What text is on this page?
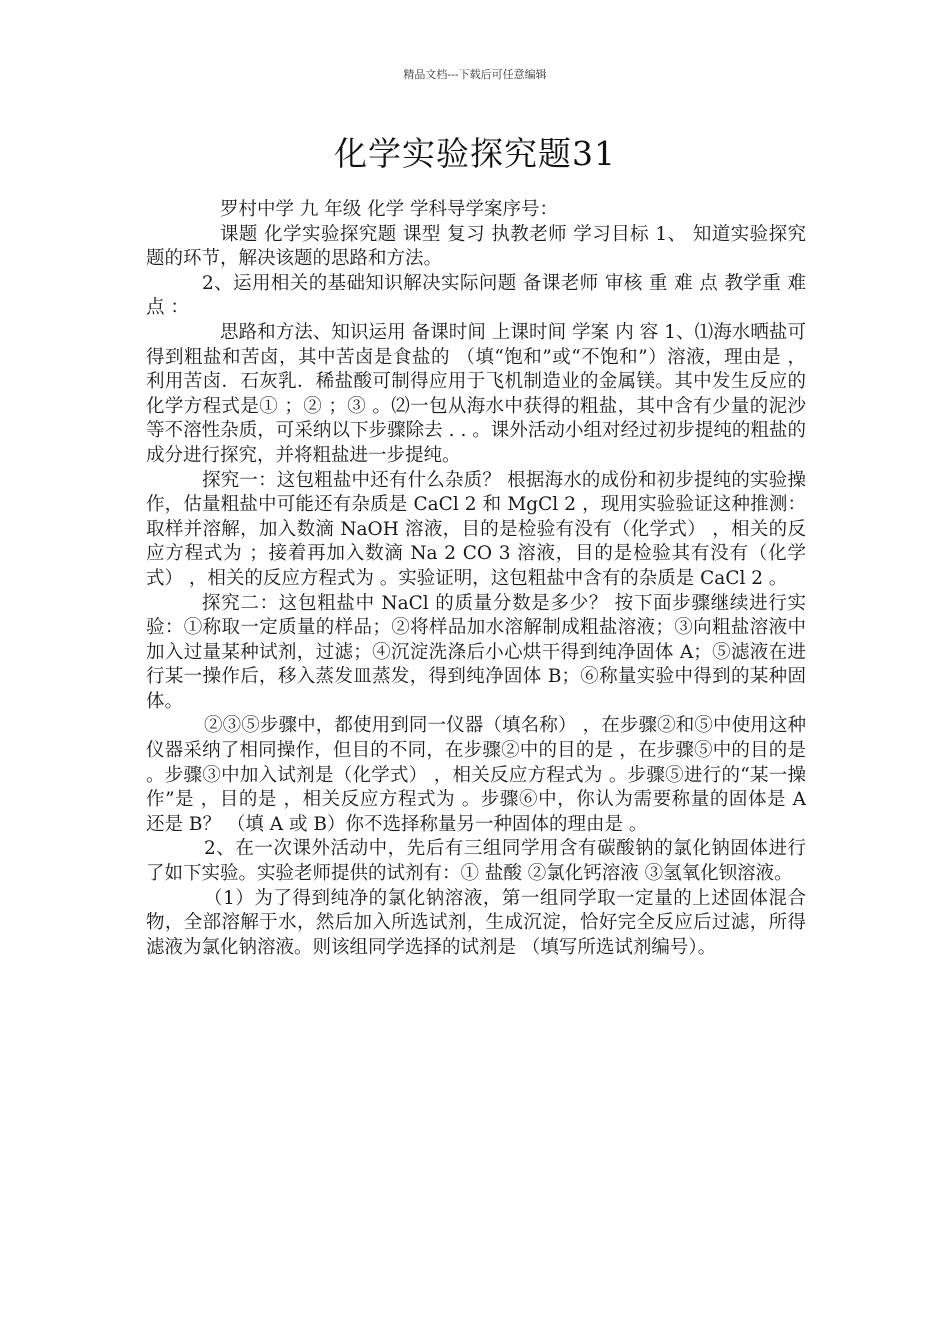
精品文档---下载后可任意编辑
化学实验探究题31

罗村中学 九 年级 化学 学科导学案序号：

课题 化学实验探究题 课型 复习 执教老师 学习目标 1、 知道实验探究题的环节，解决该题的思路和方法。

2、运用相关的基础知识解决实际问题 备课老师 审核 重 难 点 教学重 难 点 ：

思路和方法、知识运用 备课时间 上课时间 学案 内 容 1、⑴海水晒盐可得到粗盐和苦卤，其中苦卤是食盐的 （填“饱和”或“不饱和”）溶液，理由是 ，利用苦卤．石灰乳．稀盐酸可制得应用于飞机制造业的金属镁。其中发生反应的化学方程式是① ；② ；③ 。⑵一包从海水中获得的粗盐，其中含有少量的泥沙等不溶性杂质，可采纳以下步骤除去 . . 。课外活动小组对经过初步提纯的粗盐的成分进行探究，并将粗盐进一步提纯。

探究一：这包粗盐中还有什么杂质？ 根据海水的成份和初步提纯的实验操作，估量粗盐中可能还有杂质是 CaCl 2 和 MgCl 2 ，现用实验验证这种推测：取样并溶解，加入数滴 NaOH 溶液，目的是检验有没有（化学式） ，相关的反应方程式为 ；接着再加入数滴 Na 2 CO 3 溶液，目的是检验其有没有（化学式） ，相关的反应方程式为 。实验证明，这包粗盐中含有的杂质是 CaCl 2 。

探究二：这包粗盐中 NaCl 的质量分数是多少？ 按下面步骤继续进行实验：①称取一定质量的样品；②将样品加水溶解制成粗盐溶液；③向粗盐溶液中加入过量某种试剂，过滤；④沉淀洗涤后小心烘干得到纯净固体 A；⑤滤液在进行某一操作后，移入蒸发皿蒸发，得到纯净固体 B；⑥称量实验中得到的某种固体。

②③⑤步骤中，都使用到同一仪器（填名称） ，在步骤②和⑤中使用这种仪器采纳了相同操作，但目的不同，在步骤②中的目的是 ，在步骤⑤中的目的是 。步骤③中加入试剂是（化学式） ，相关反应方程式为 。步骤⑤进行的“某一操作”是 ，目的是 ，相关反应方程式为 。步骤⑥中，你认为需要称量的固体是 A 还是 B？ （填 A 或 B）你不选择称量另一种固体的理由是 。

2、在一次课外活动中，先后有三组同学用含有碳酸钠的氯化钠固体进行了如下实验。实验老师提供的试剂有：① 盐酸 ②氯化钙溶液 ③氢氧化钡溶液。

（1）为了得到纯净的氯化钠溶液，第一组同学取一定量的上述固体混合物，全部溶解于水，然后加入所选试剂，生成沉淀，恰好完全反应后过滤，所得滤液为氯化钠溶液。则该组同学选择的试剂是 （填写所选试剂编号）。
